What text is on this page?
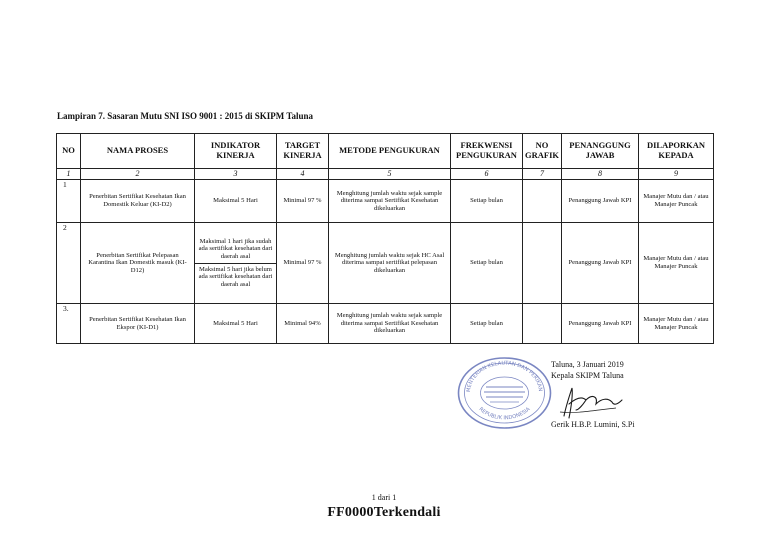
Lampiran 7. Sasaran Mutu SNI ISO 9001 : 2015 di SKIPM Taluna
NO	NAMA PROSES	INDIKATOR KINERJA	TARGET KINERJA	METODE PENGUKURAN	FREKWENSI PENGUKURAN	NO GRAFIK	PENANGGUNG JAWAB	DILAPORKAN KEPADA
1	2	3	4	5	6	7	8	9
1	Penerbitan Sertifikat Kesehatan Ikan Domestik Keluar (KI-D2)	Maksimal 5 Hari	Minimal 97 %	Menghitung jumlah waktu sejak sample diterima sampai Sertifikat Kesehatan dikeluarkan	Setiap bulan		Penanggung Jawab KPI	Manajer Mutu dan / atau Manajer Puncak
2	Penerbitan Sertifikat Pelepasan Karantina Ikan Domestik masuk (KI-D12)	Maksimal 1 hari jika sudah ada sertifikat kesehatan dari daerah asal
Maksimal 5 hari jika belum ada sertifikat kesehatan dari daerah asal	Minimal 97 %	Menghitung jumlah waktu sejak HC Asal diterima sampai sertifikat pelepasan dikeluarkan	Setiap bulan		Penanggung Jawab KPI	Manajer Mutu dan / atau Manajer Puncak
3.	Penerbitan Sertifikat Kesehatan Ikan Ekspor (KI-D1)	Maksimal 5 Hari	Minimal 94%	Menghitung jumlah waktu sejak sample diterima sampai Sertifikat Kesehatan dikeluarkan	Setiap bulan		Penanggung Jawab KPI	Manajer Mutu dan / atau Manajer Puncak
MENTERIAN KELAUTAN DAN PERIKAN
REPUBLIK INDONESIA
Taluna, 3 Januari 2019
Kepala SKIPM Taluna
Gerik H.B.P. Lumini, S.Pi
1 dari 1
FF0000Terkendali
